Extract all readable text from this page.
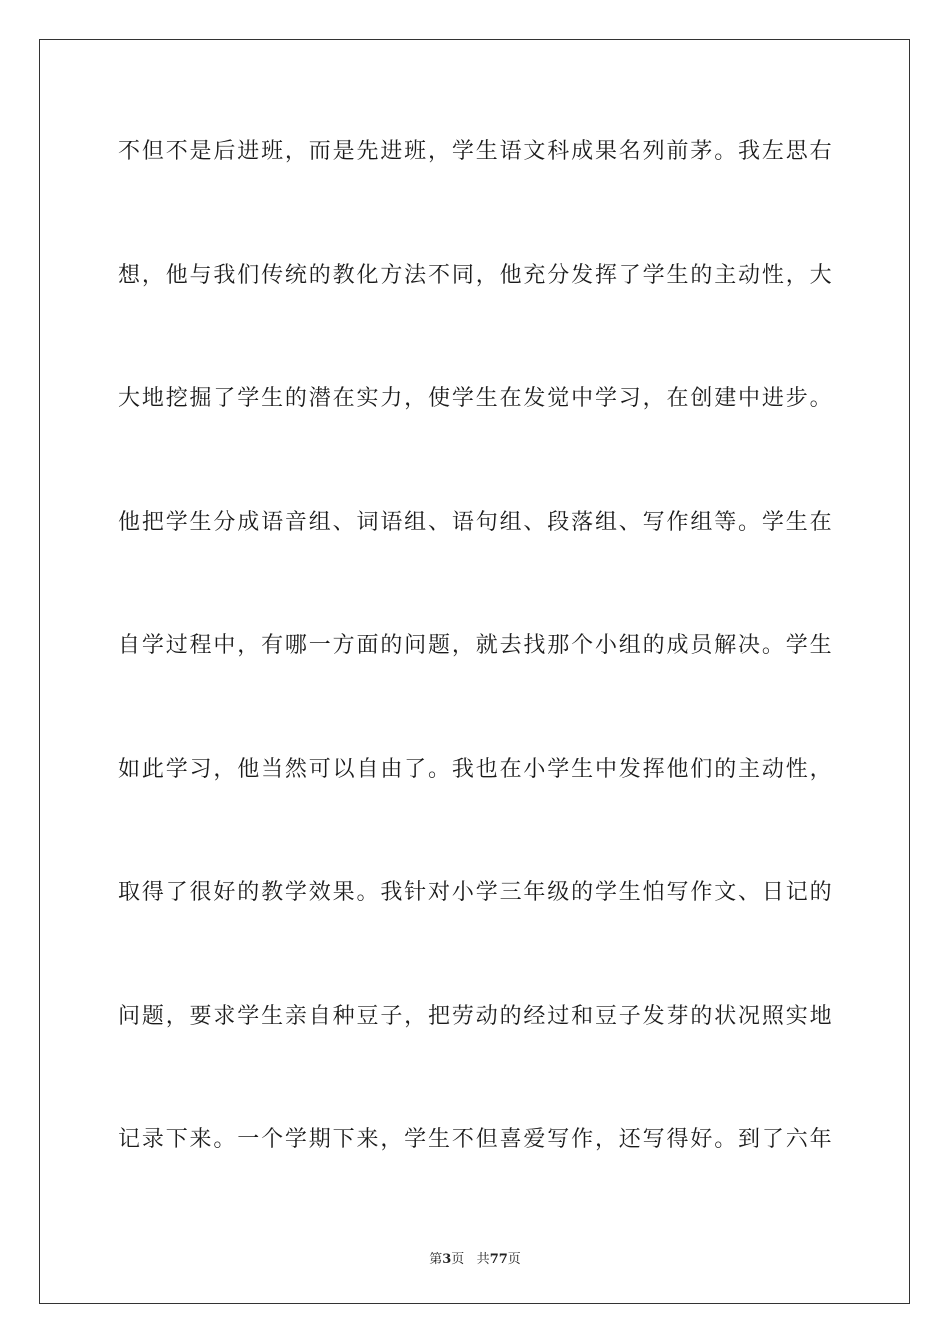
不但不是后进班，而是先进班，学生语文科成果名列前茅。我左思右
想，他与我们传统的教化方法不同，他充分发挥了学生的主动性，大
大地挖掘了学生的潜在实力，使学生在发觉中学习，在创建中进步。
他把学生分成语音组、词语组、语句组、段落组、写作组等。学生在
自学过程中，有哪一方面的问题，就去找那个小组的成员解决。学生
如此学习，他当然可以自由了。我也在小学生中发挥他们的主动性，
取得了很好的教学效果。我针对小学三年级的学生怕写作文、日记的
问题，要求学生亲自种豆子，把劳动的经过和豆子发芽的状况照实地
记录下来。一个学期下来，学生不但喜爱写作，还写得好。到了六年
第3页 共77页
